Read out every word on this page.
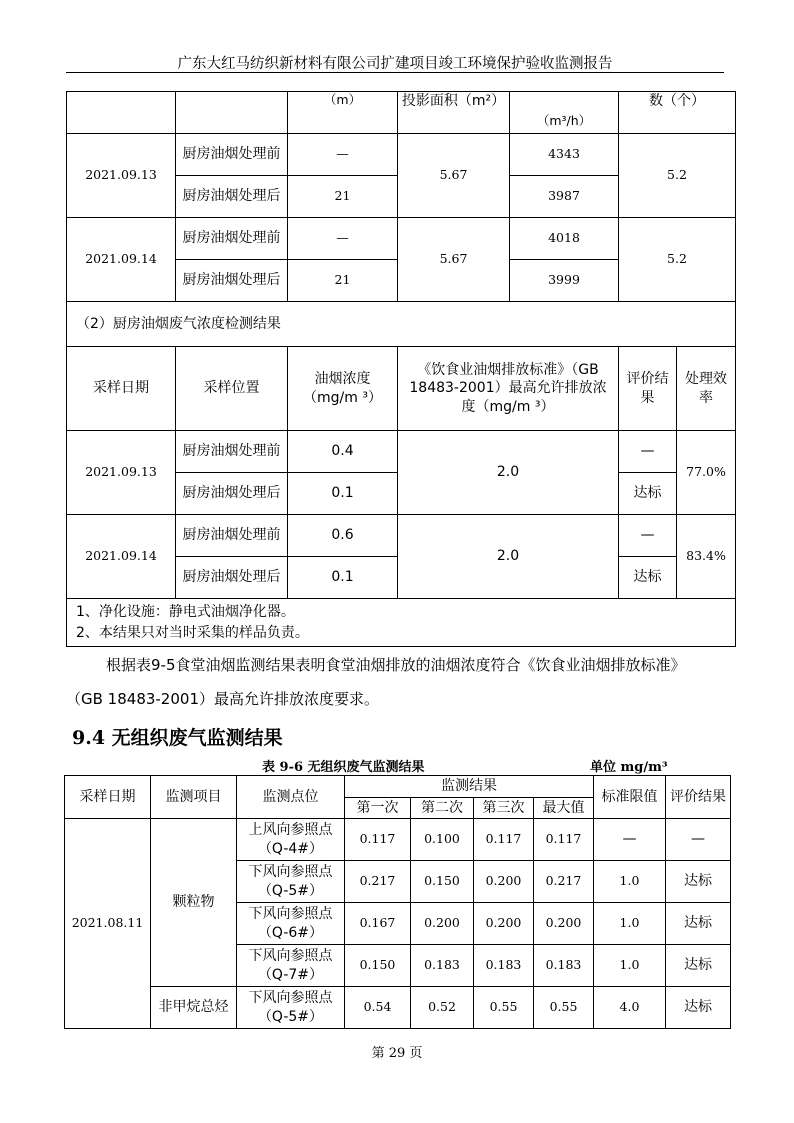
广东大红马纺织新材料有限公司扩建项目竣工环境保护验收监测报告
		（m）	投影面积（m²）	（m³/h）	数（个）	
2021.09.13	厨房油烟处理前	—	5.67	4343	5.2	
	厨房油烟处理后	21		3987		
2021.09.14	厨房油烟处理前	—	5.67	4018	5.2	
	厨房油烟处理后	21		3999		
（2）厨房油烟废气浓度检测结果						
采样日期	采样位置	油烟浓度（mg/m ³）	《饮食业油烟排放标准》（GB 18483-2001）最高允许排放浓度（mg/m ³）		评价结果	处理效率
2021.09.13	厨房油烟处理前	0.4	2.0		—	77.0%
	厨房油烟处理后	0.1			达标	
2021.09.14	厨房油烟处理前	0.6	2.0		—	83.4%
	厨房油烟处理后	0.1			达标	

1、净化设施：静电式油烟净化器。
2、本结果只对当时采集的样品负责。						
根据表9-5食堂油烟监测结果表明食堂油烟排放的油烟浓度符合《饮食业油烟排放标准》
（GB 18483-2001）最高允许排放浓度要求。
9.4 无组织废气监测结果
表 9-6 无组织废气监测结果	单位 mg/m³
采样日期	监测项目	监测点位	监测结果				标准限值	评价结果
			第一次	第二次	第三次	最大值		
2021.08.11	颗粒物	上风向参照点（Q-4#）	0.117	0.100	0.117	0.117	—	—
		下风向参照点（Q-5#）	0.217	0.150	0.200	0.217	1.0	达标
		下风向参照点（Q-6#）	0.167	0.200	0.200	0.200	1.0	达标
		下风向参照点（Q-7#）	0.150	0.183	0.183	0.183	1.0	达标
	非甲烷总烃	下风向参照点（Q-5#）	0.54	0.52	0.55	0.55	4.0	达标
第 29 页
